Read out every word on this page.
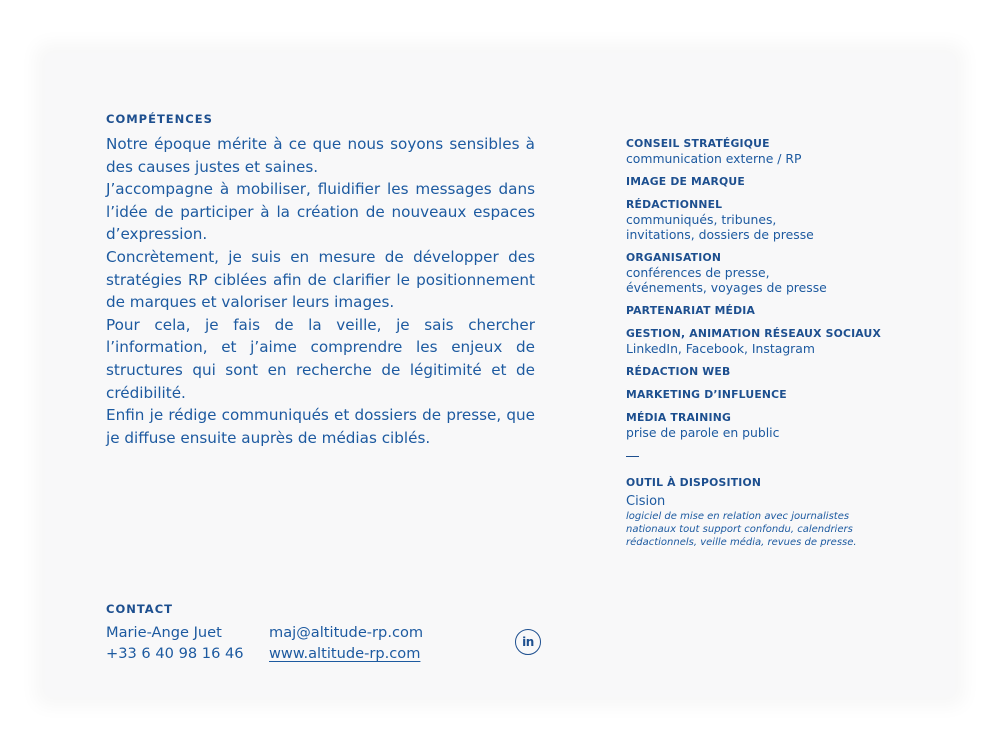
COMPÉTENCES

Notre époque mérite à ce que nous soyons sensibles à des causes justes et saines.

J’accompagne à mobiliser, fluidifier les messages dans l’idée de participer à la création de nouveaux espaces d’expression.

Concrètement, je suis en mesure de développer des stratégies RP ciblées afin de clarifier le positionnement de marques et valoriser leurs images.

Pour cela, je fais de la veille, je sais chercher l’information, et j’aime comprendre les enjeux de structures qui sont en recherche de légitimité et de crédibilité.

Enfin je rédige communiqués et dossiers de presse, que je diffuse ensuite auprès de médias ciblés.

CONSEIL STRATÉGIQUE
communication externe / RP
IMAGE DE MARQUE
RÉDACTIONNEL
communiqués, tribunes,
invitations, dossiers de presse
ORGANISATION
conférences de presse,
événements, voyages de presse
PARTENARIAT MÉDIA
GESTION, ANIMATION RÉSEAUX SOCIAUX
LinkedIn, Facebook, Instagram
RÉDACTION WEB
MARKETING D’INFLUENCE
MÉDIA TRAINING
prise de parole en public
OUTIL À DISPOSITION
Cision
logiciel de mise en relation avec journalistes
nationaux tout support confondu, calendriers
rédactionnels, veille média, revues de presse.
CONTACT
Marie-Ange Juet
+33 6 40 98 16 46
maj@altitude-rp.com
www.altitude-rp.com
in
